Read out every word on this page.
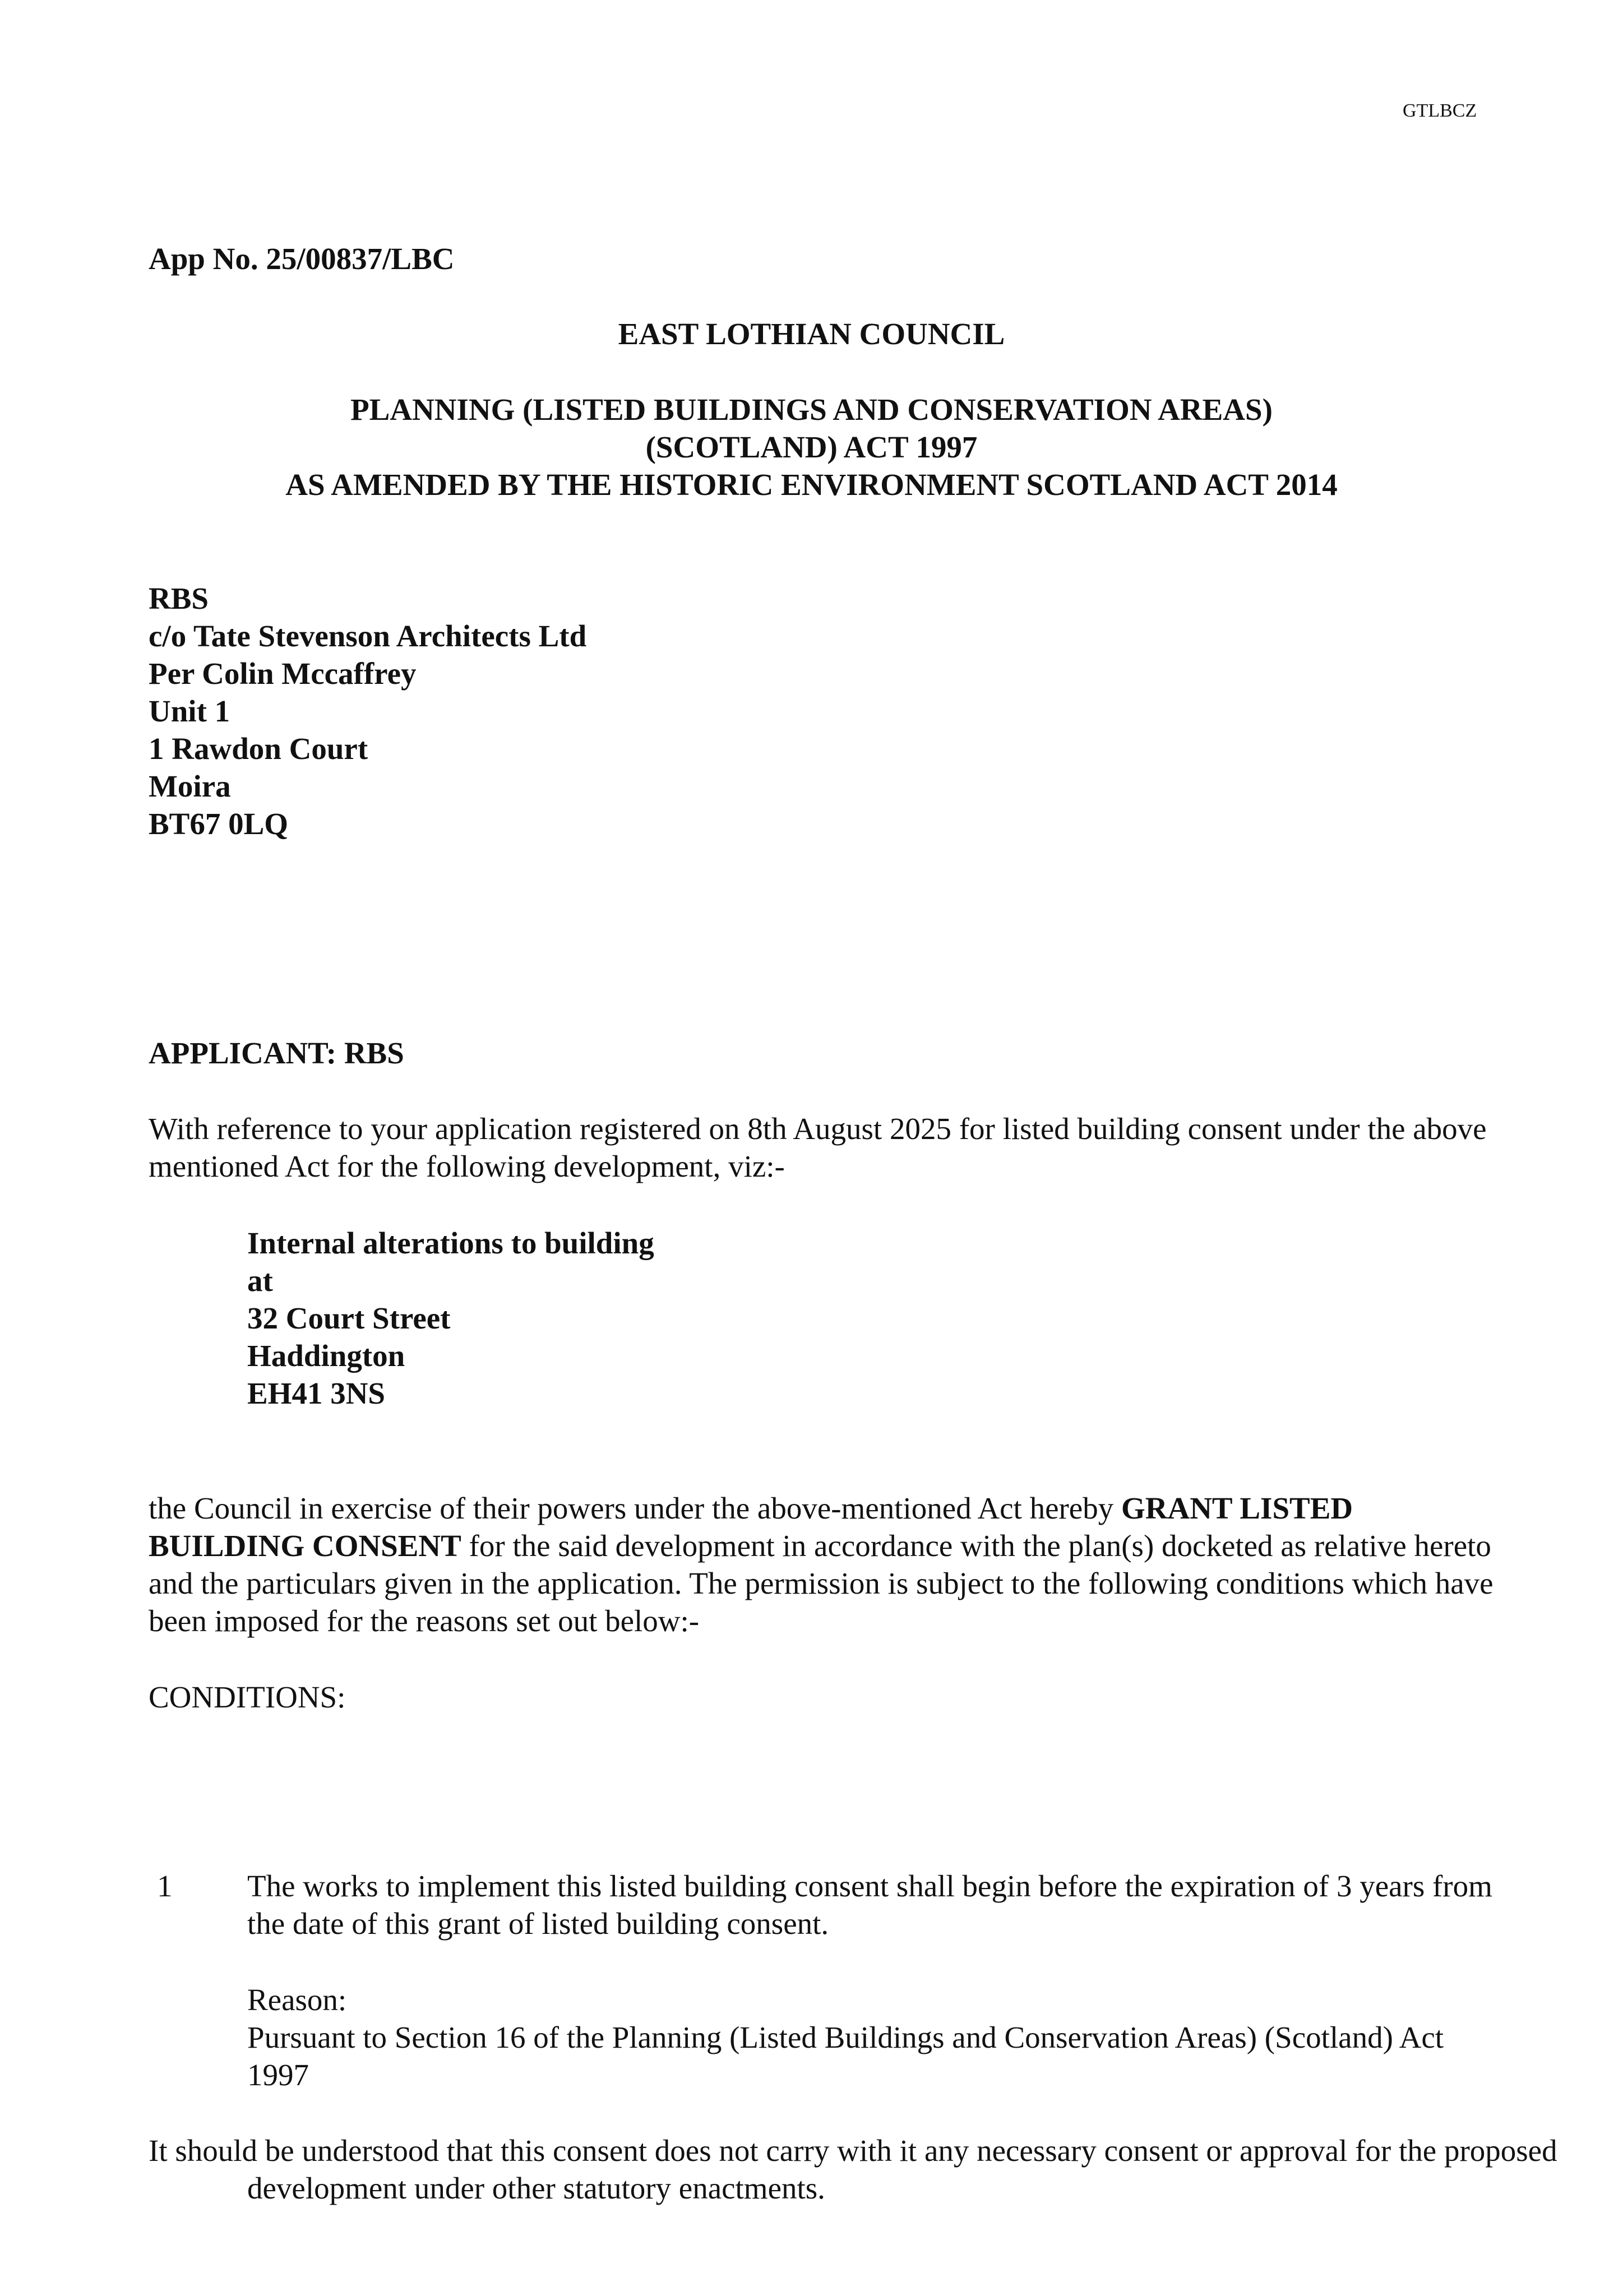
GTLBCZ
App No. 25/00837/LBC
EAST LOTHIAN COUNCIL
PLANNING (LISTED BUILDINGS AND CONSERVATION AREAS)
(SCOTLAND) ACT 1997
AS AMENDED BY THE HISTORIC ENVIRONMENT SCOTLAND ACT 2014
RBS
c/o Tate Stevenson Architects Ltd
Per Colin Mccaffrey
Unit 1
1 Rawdon Court
Moira
BT67 0LQ
APPLICANT: RBS
With reference to your application registered on 8th August 2025 for listed building consent under the above mentioned Act for the following development, viz:-
Internal alterations to building
at
32 Court Street
Haddington
EH41 3NS
the Council in exercise of their powers under the above-mentioned Act hereby GRANT LISTED BUILDING CONSENT for the said development in accordance with the plan(s) docketed as relative hereto and the particulars given in the application. The permission is subject to the following conditions which have been imposed for the reasons set out below:-
CONDITIONS:
1 The works to implement this listed building consent shall begin before the expiration of 3 years from the date of this grant of listed building consent.
Reason:
Pursuant to Section 16 of the Planning (Listed Buildings and Conservation Areas) (Scotland) Act 1997
It should be understood that this consent does not carry with it any necessary consent or approval for the proposed development under other statutory enactments.
